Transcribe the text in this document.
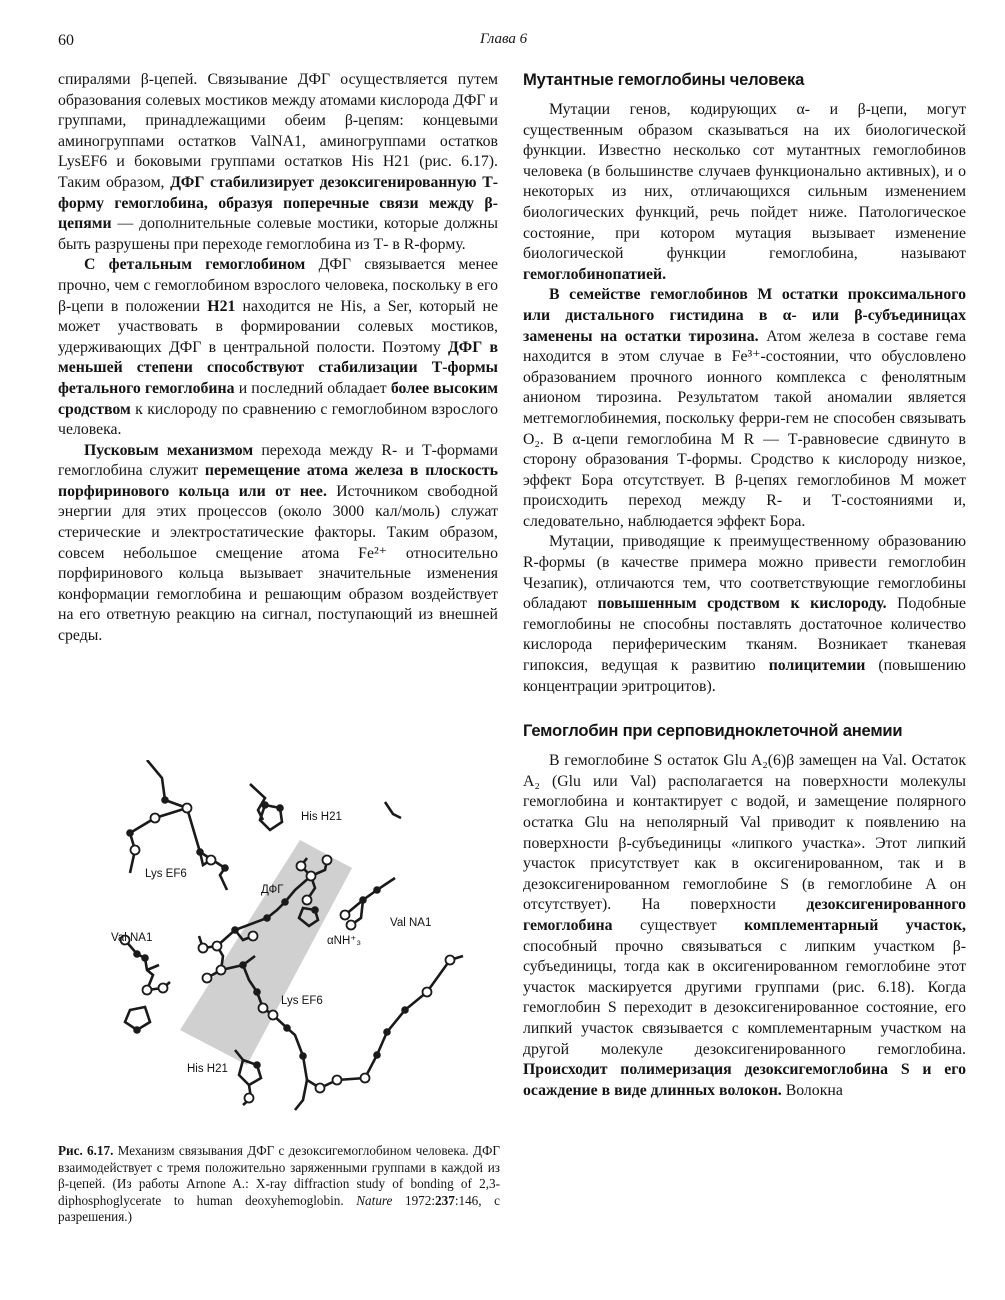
60	Глава 6

спиралями β-цепей. Связывание ДФГ осуществляется путем образования солевых мостиков между атомами кислорода ДФГ и группами, принадлежащими обеим β-цепям: концевыми аминогруппами остатков ValNA1, аминогруппами остатков LysEF6 и боковыми группами остатков His H21 (рис. 6.17). Таким образом, ДФГ стабилизирует дезоксигенированную Т-форму гемоглобина, образуя поперечные связи между β-цепями — дополнительные солевые мостики, которые должны быть разрушены при переходе гемоглобина из Т- в R-форму.

С фетальным гемоглобином ДФГ связывается менее прочно, чем с гемоглобином взрослого человека, поскольку в его β-цепи в положении H21 находится не His, а Ser, который не может участвовать в формировании солевых мостиков, удерживающих ДФГ в центральной полости. Поэтому ДФГ в меньшей степени способствуют стабилизации Т-формы фетального гемоглобина и последний обладает более высоким сродством к кислороду по сравнению с гемоглобином взрослого человека.

Пусковым механизмом перехода между R- и Т-формами гемоглобина служит перемещение атома железа в плоскость порфиринового кольца или от нее. Источником свободной энергии для этих процессов (около 3000 кал/моль) служат стерические и электростатические факторы. Таким образом, совсем небольшое смещение атома Fe²⁺ относительно порфиринового кольца вызывает значительные изменения конформации гемоглобина и решающим образом воздействует на его ответную реакцию на сигнал, поступающий из внешней среды.

His H21
Lys EF6
ДФГ
Val NA1
Val NA1	αNH⁺₃
Lys EF6
His H21
Рис. 6.17. Механизм связывания ДФГ с дезоксигемоглобином человека. ДФГ взаимодействует с тремя положительно заряженными группами в каждой из β-цепей. (Из работы Arnone A.: X-ray diffraction study of bonding of 2,3-diphosphoglycerate to human deoxyhemoglobin. Nature 1972:237:146, с разрешения.)
Мутантные гемоглобины человека

Мутации генов, кодирующих α- и β-цепи, могут существенным образом сказываться на их биологической функции. Известно несколько сот мутантных гемоглобинов человека (в большинстве случаев функционально активных), и о некоторых из них, отличающихся сильным изменением биологических функций, речь пойдет ниже. Патологическое состояние, при котором мутация вызывает изменение биологической функции гемоглобина, называют гемоглобинопатией.

В семействе гемоглобинов М остатки проксимального или дистального гистидина в α- или β-субъединицах заменены на остатки тирозина. Атом железа в составе гема находится в этом случае в Fe³⁺-состоянии, что обусловлено образованием прочного ионного комплекса с фенолятным анионом тирозина. Результатом такой аномалии является метгемоглобинемия, поскольку ферри-гем не способен связывать O₂. В α-цепи гемоглобина М R — Т-равновесие сдвинуто в сторону образования Т-формы. Сродство к кислороду низкое, эффект Бора отсутствует. В β-цепях гемоглобинов М может происходить переход между R- и Т-состояниями и, следовательно, наблюдается эффект Бора.

Мутации, приводящие к преимущественному образованию R-формы (в качестве примера можно привести гемоглобин Чезапик), отличаются тем, что соответствующие гемоглобины обладают повышенным сродством к кислороду. Подобные гемоглобины не способны поставлять достаточное количество кислорода периферическим тканям. Возникает тканевая гипоксия, ведущая к развитию полицитемии (повышению концентрации эритроцитов).

Гемоглобин при серповидноклеточной анемии

В гемоглобине S остаток Glu A₂(6)β замещен на Val. Остаток A₂ (Glu или Val) располагается на поверхности молекулы гемоглобина и контактирует с водой, и замещение полярного остатка Glu на неполярный Val приводит к появлению на поверхности β-субъединицы «липкого участка». Этот липкий участок присутствует как в оксигенированном, так и в дезоксигенированном гемоглобине S (в гемоглобине А он отсутствует). На поверхности дезоксигенированного гемоглобина существует комплементарный участок, способный прочно связываться с липким участком β-субъединицы, тогда как в оксигенированном гемоглобине этот участок маскируется другими группами (рис. 6.18). Когда гемоглобин S переходит в дезоксигенированное состояние, его липкий участок связывается с комплементарным участком на другой молекуле дезоксигенированного гемоглобина. Происходит полимеризация дезоксигемоглобина S и его осаждение в виде длинных волокон. Волокна
